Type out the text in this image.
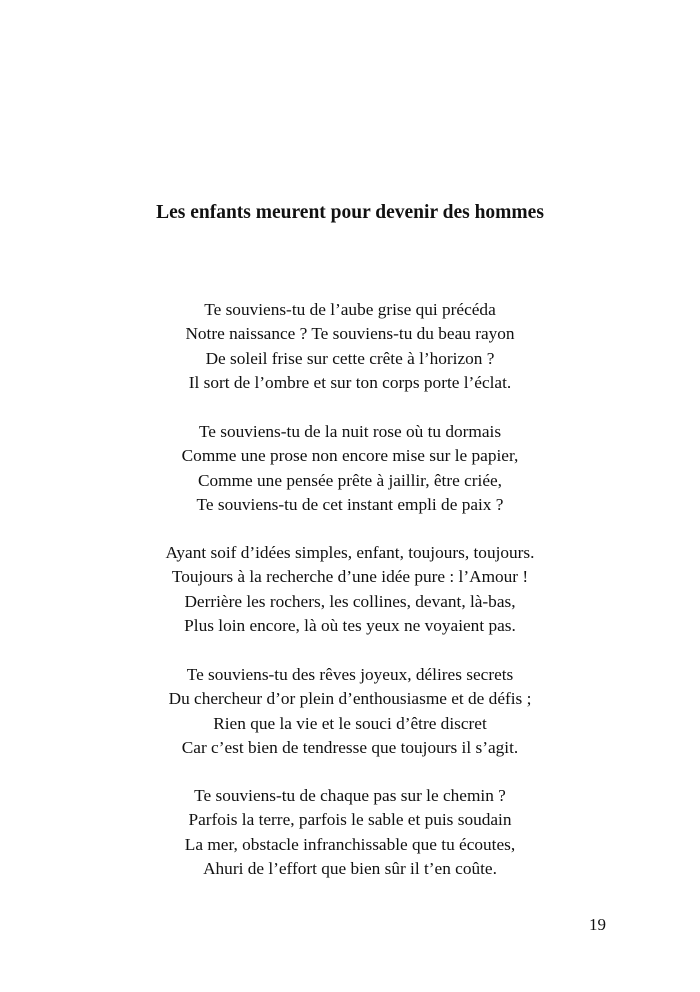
Les enfants meurent pour devenir des hommes
Te souviens-tu de l’aube grise qui précéda
Notre naissance ? Te souviens-tu du beau rayon
De soleil frise sur cette crête à l’horizon ?
Il sort de l’ombre et sur ton corps porte l’éclat.
Te souviens-tu de la nuit rose où tu dormais
Comme une prose non encore mise sur le papier,
Comme une pensée prête à jaillir, être criée,
Te souviens-tu de cet instant empli de paix ?
Ayant soif d’idées simples, enfant, toujours, toujours.
Toujours à la recherche d’une idée pure : l’Amour !
Derrière les rochers, les collines, devant, là-bas,
Plus loin encore, là où tes yeux ne voyaient pas.
Te souviens-tu des rêves joyeux, délires secrets
Du chercheur d’or plein d’enthousiasme et de défis ;
Rien que la vie et le souci d’être discret
Car c’est bien de tendresse que toujours il s’agit.
Te souviens-tu de chaque pas sur le chemin ?
Parfois la terre, parfois le sable et puis soudain
La mer, obstacle infranchissable que tu écoutes,
Ahuri de l’effort que bien sûr il t’en coûte.
19
